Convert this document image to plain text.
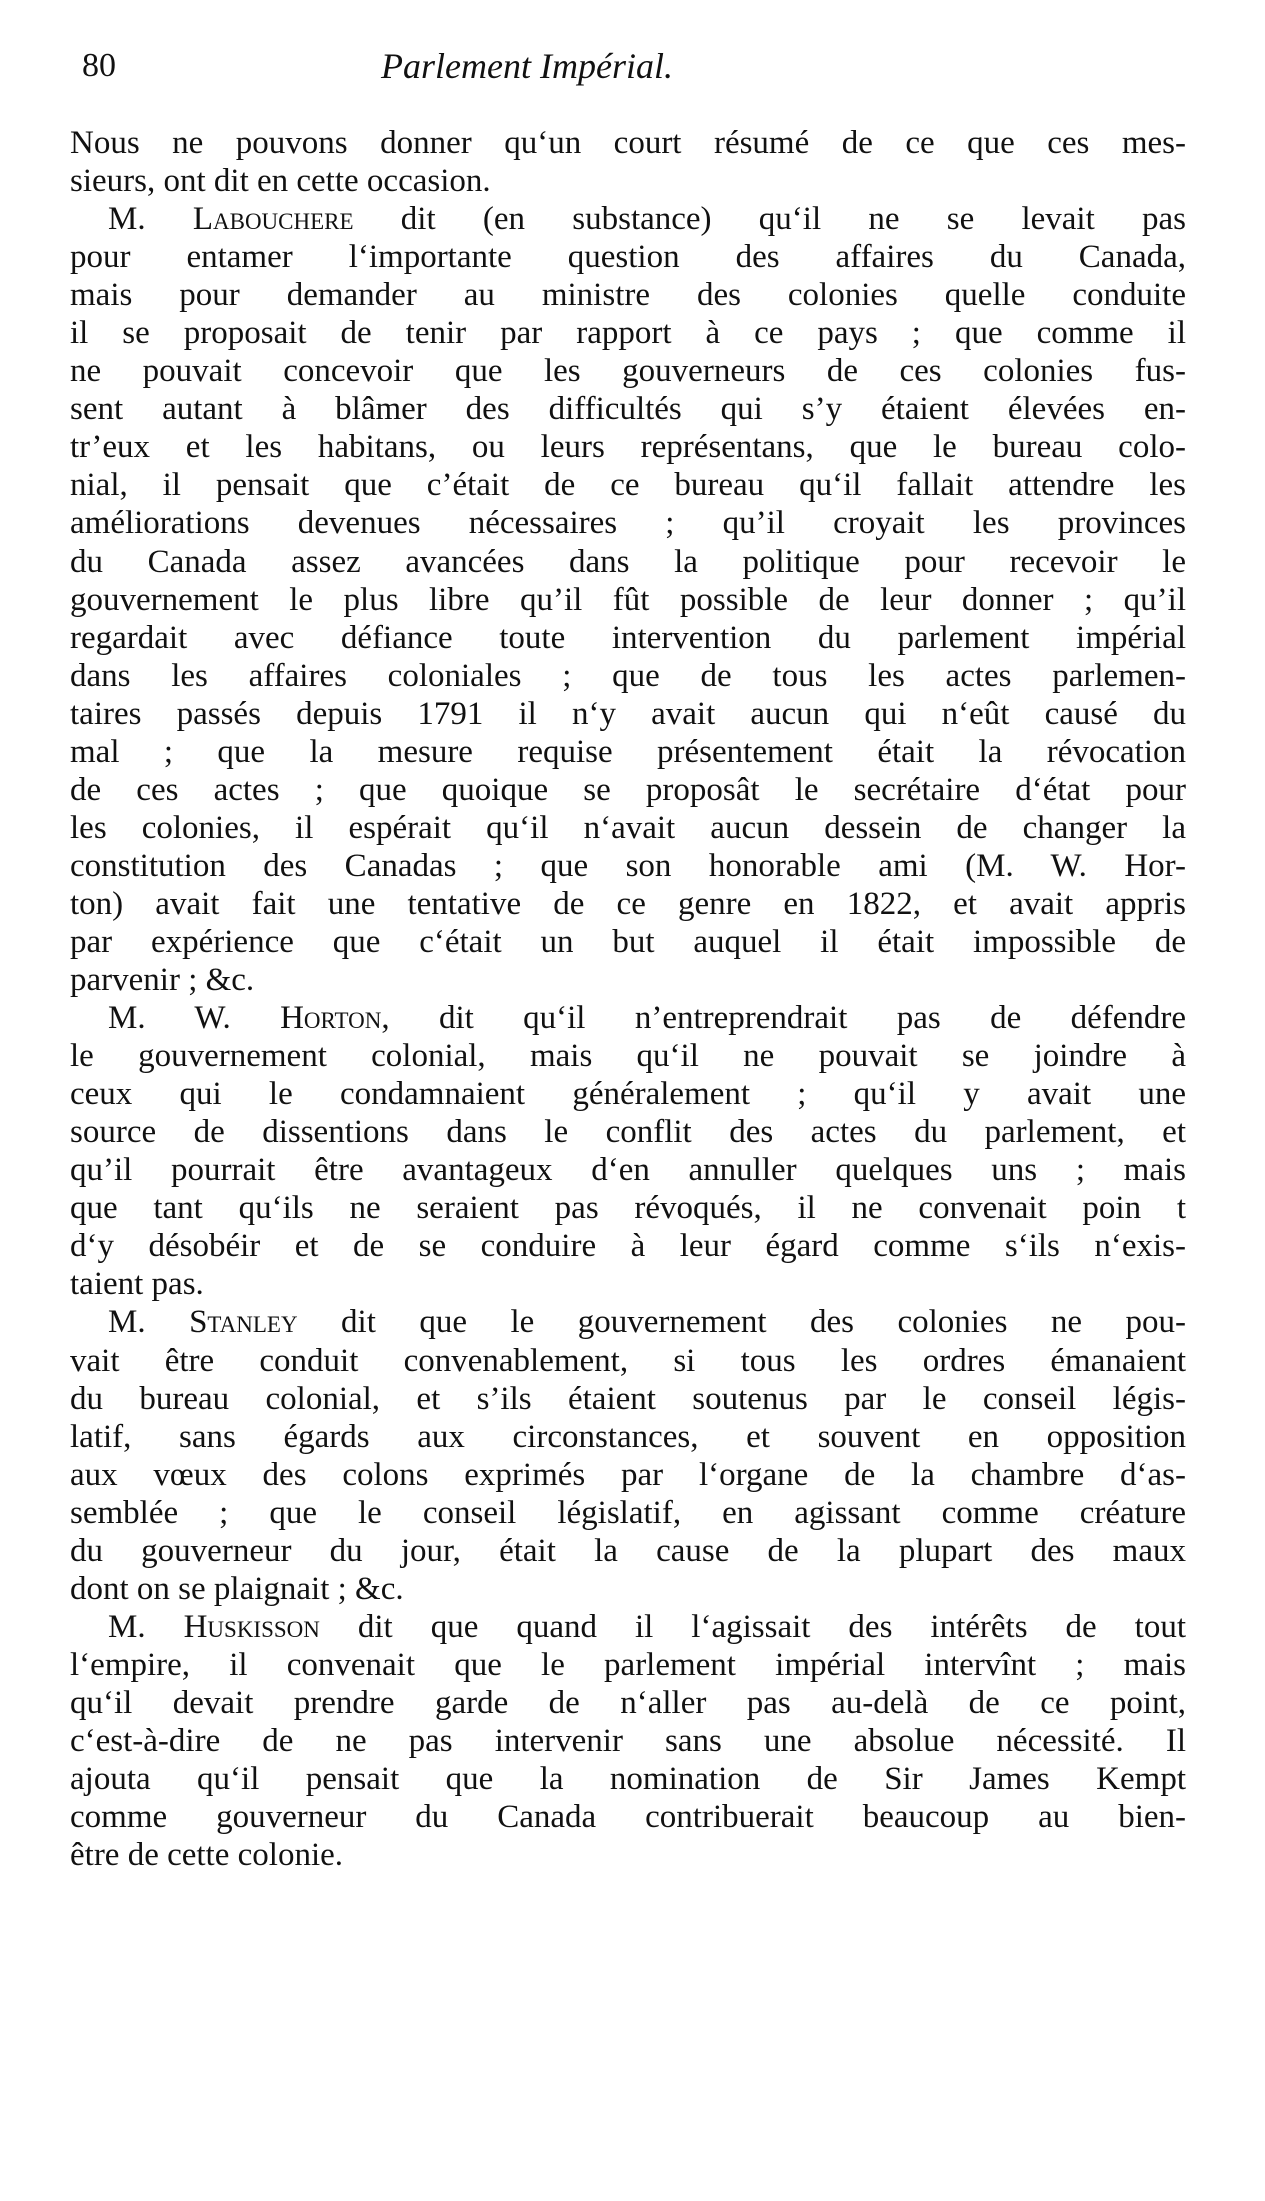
80	Parlement Impérial.
Nous ne pouvons donner qu‘un court résumé de ce que ces mes-
sieurs, ont dit en cette occasion.
M. Labouchere dit (en substance) qu‘il ne se levait pas
pour entamer l‘importante question des affaires du Canada,
mais pour demander au ministre des colonies quelle conduite
il se proposait de tenir par rapport à ce pays ; que comme il
ne pouvait concevoir que les gouverneurs de ces colonies fus-
sent autant à blâmer des difficultés qui s’y étaient élevées en-
tr’eux et les habitans, ou leurs représentans, que le bureau colo-
nial, il pensait que c’était de ce bureau qu‘il fallait attendre les
améliorations devenues nécessaires ; qu’il croyait les provinces
du Canada assez avancées dans la politique pour recevoir le
gouvernement le plus libre qu’il fût possible de leur donner ; qu’il
regardait avec défiance toute intervention du parlement impérial
dans les affaires coloniales ; que de tous les actes parlemen-
taires passés depuis 1791 il n‘y avait aucun qui n‘eût causé du
mal ; que la mesure requise présentement était la révocation
de ces actes ; que quoique se proposât le secrétaire d‘état pour
les colonies, il espérait qu‘il n‘avait aucun dessein de changer la
constitution des Canadas ; que son honorable ami (M. W. Hor-
ton) avait fait une tentative de ce genre en 1822, et avait appris
par expérience que c‘était un but auquel il était impossible de
parvenir ; &c.
M. W. Horton, dit qu‘il n’entreprendrait pas de défendre
le gouvernement colonial, mais qu‘il ne pouvait se joindre à
ceux qui le condamnaient généralement ; qu‘il y avait une
source de dissentions dans le conflit des actes du parlement, et
qu’il pourrait être avantageux d‘en annuller quelques uns ; mais
que tant qu‘ils ne seraient pas révoqués, il ne convenait poin t
d‘y désobéir et de se conduire à leur égard comme s‘ils n‘exis-
taient pas.
M. Stanley dit que le gouvernement des colonies ne pou-
vait être conduit convenablement, si tous les ordres émanaient
du bureau colonial, et s’ils étaient soutenus par le conseil légis-
latif, sans égards aux circonstances, et souvent en opposition
aux vœux des colons exprimés par l‘organe de la chambre d‘as-
semblée ; que le conseil législatif, en agissant comme créature
du gouverneur du jour, était la cause de la plupart des maux
dont on se plaignait ; &c.
M. Huskisson dit que quand il l‘agissait des intérêts de tout
l‘empire, il convenait que le parlement impérial intervînt ; mais
qu‘il devait prendre garde de n‘aller pas au-delà de ce point,
c‘est-à-dire de ne pas intervenir sans une absolue nécessité. Il
ajouta qu‘il pensait que la nomination de Sir James Kempt
comme gouverneur du Canada contribuerait beaucoup au bien-
être de cette colonie.
